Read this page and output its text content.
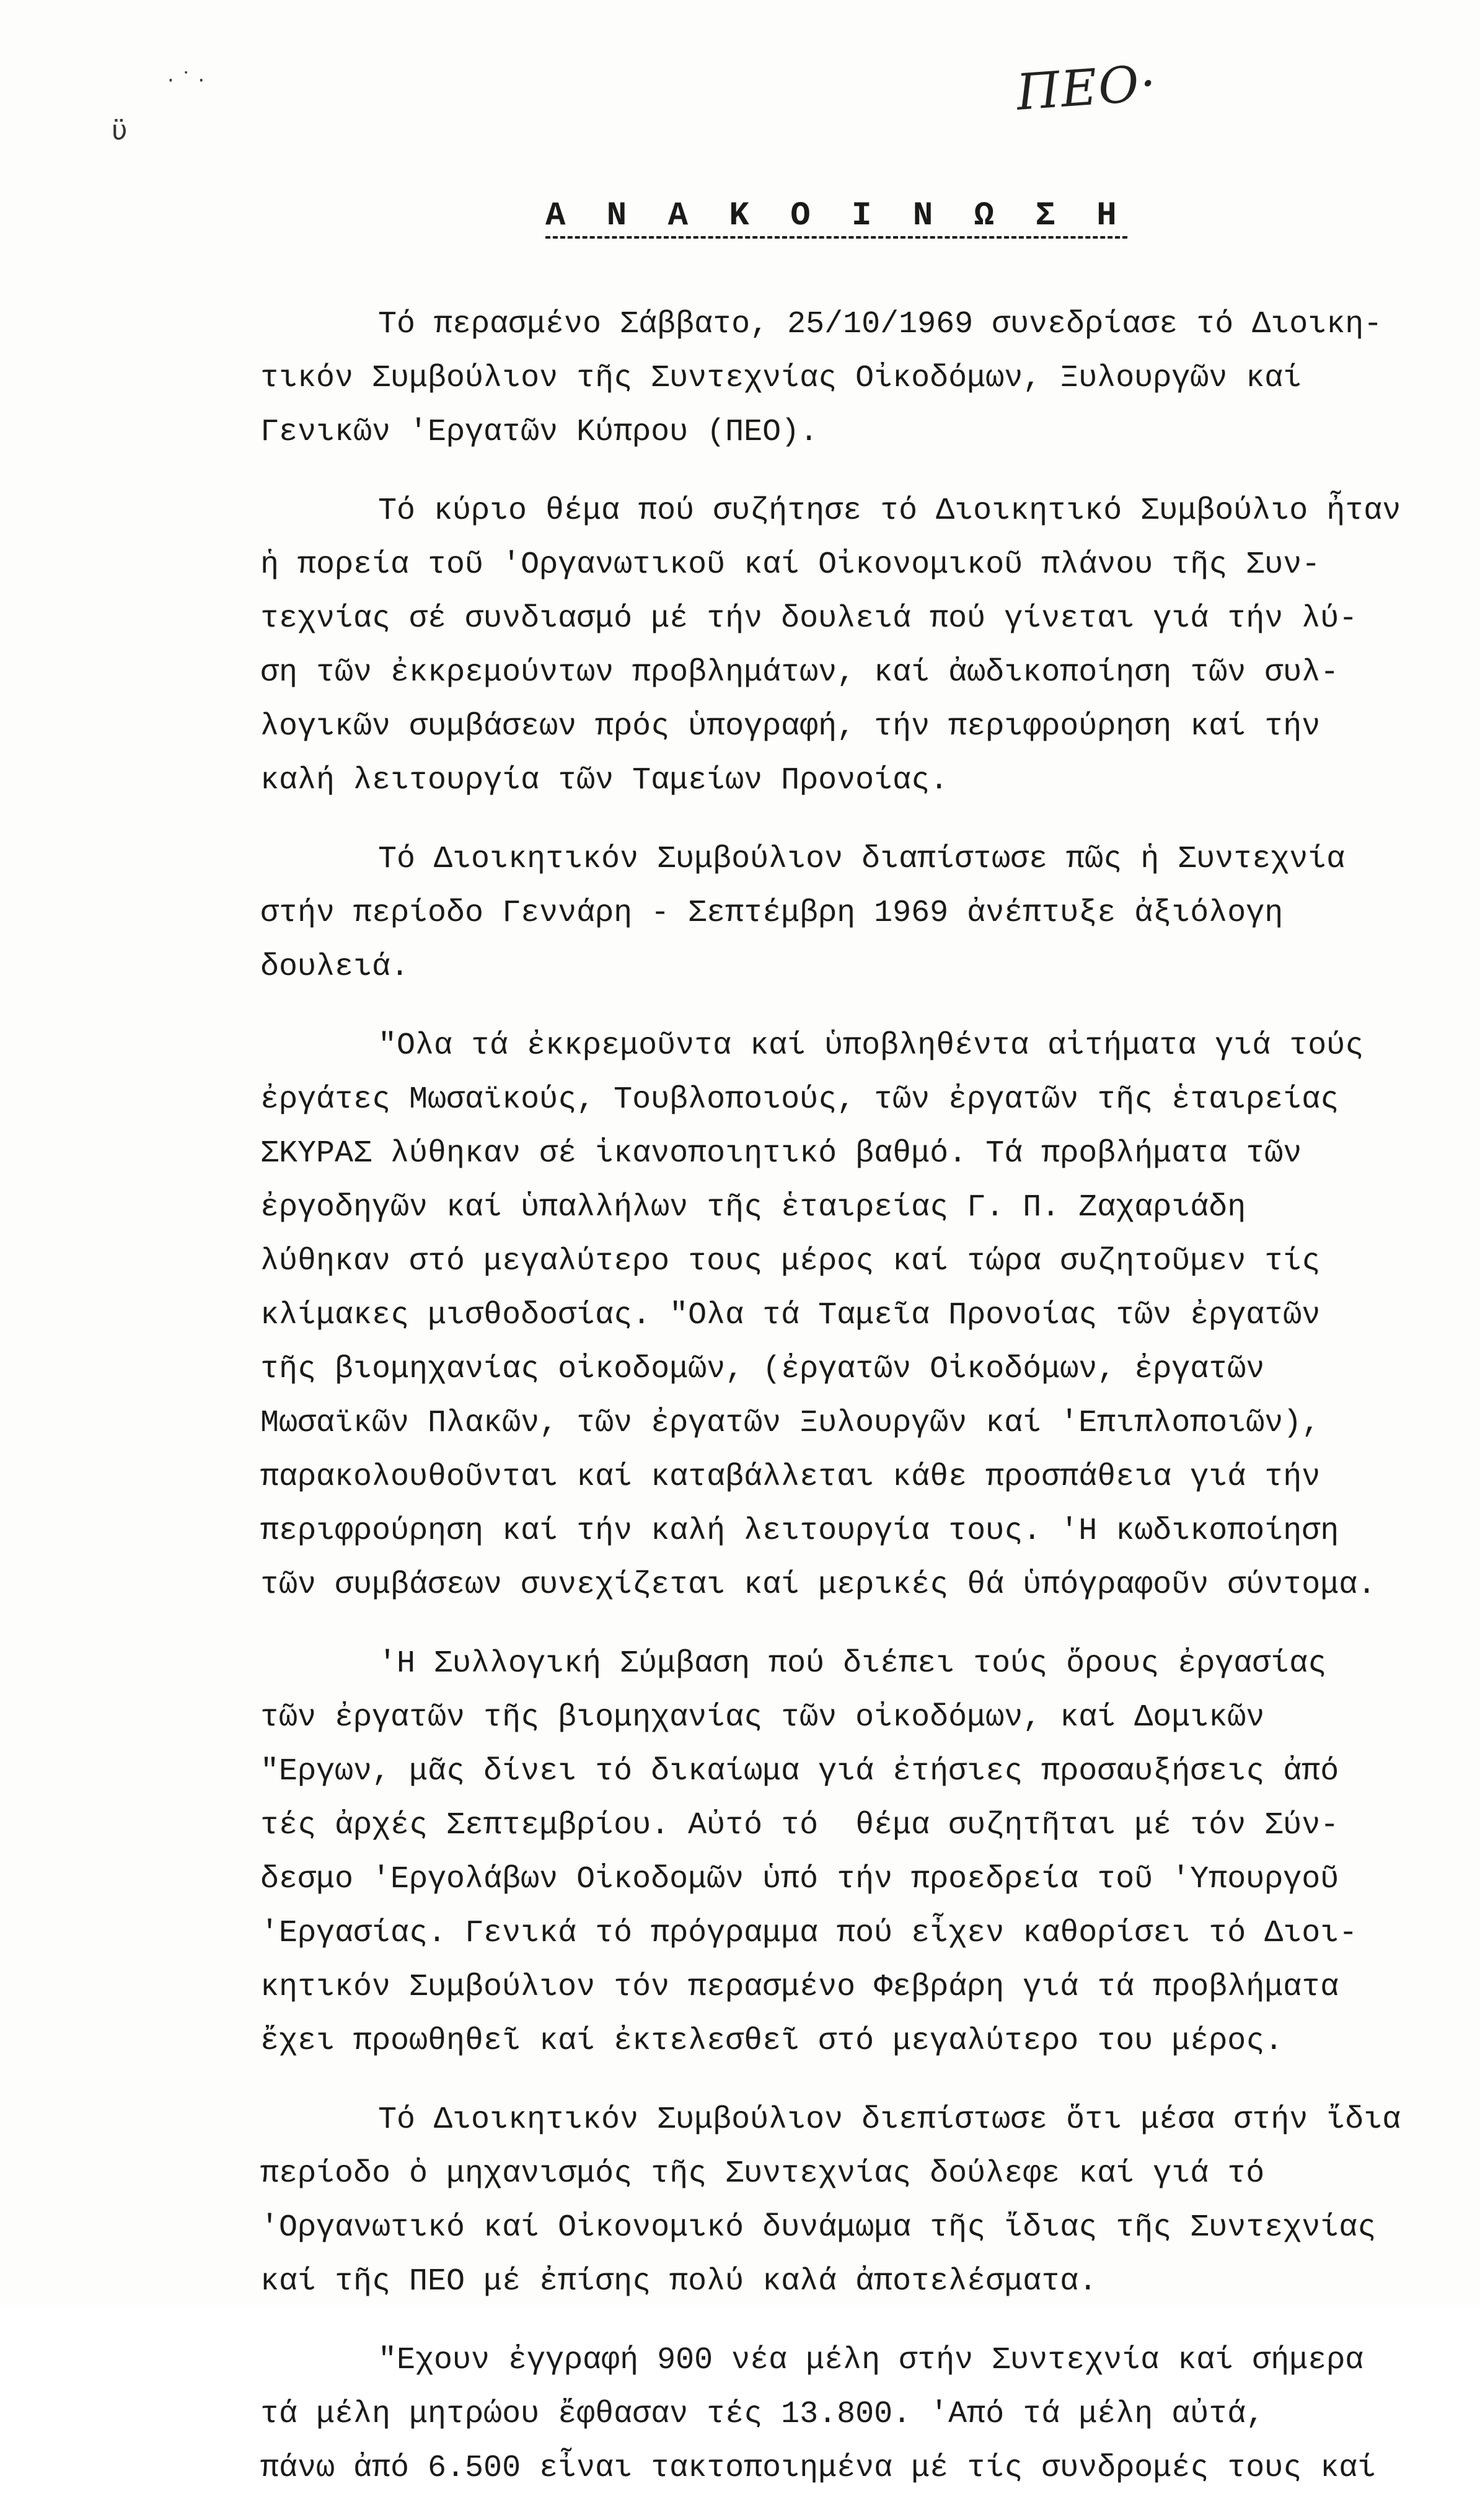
· ˙ ·
ϋ
ΠΕΟ·
Α Ν Α Κ Ο Ι Ν Ω Σ Η
Τό περασμένο Σάββατο, 25/10/1969 συνεδρίασε τό Διοικη-
τικόν Συμβούλιον τῆς Συντεχνίας Οἰκοδόμων, Ξυλουργῶν καί
Γενικῶν 'Εργατῶν Κύπρου (ΠΕΟ).
Τό κύριο θέμα πού συζήτησε τό Διοικητικό Συμβούλιο ἦταν
ἡ πορεία τοῦ 'Οργανωτικοῦ καί Οἰκονομικοῦ πλάνου τῆς Συν-
τεχνίας σέ συνδιασμό μέ τήν δουλειά πού γίνεται γιά τήν λύ-
ση τῶν ἐκκρεμούντων προβλημάτων, καί ἀωδικοποίηση τῶν συλ-
λογικῶν συμβάσεων πρός ὑπογραφή, τήν περιφρούρηση καί τήν
καλή λειτουργία τῶν Ταμείων Προνοίας.
Τό Διοικητικόν Συμβούλιον διαπίστωσε πῶς ἡ Συντεχνία
στήν περίοδο Γεννάρη - Σεπτέμβρη 1969 ἀνέπτυξε ἀξιόλογη
δουλειά.
"Ολα τά ἐκκρεμοῦντα καί ὑποβληθέντα αἰτήματα γιά τούς
ἐργάτες Μωσαϊκούς, Τουβλοποιούς, τῶν ἐργατῶν τῆς ἑταιρείας
ΣΚΥΡΑΣ λύθηκαν σέ ἱκανοποιητικό βαθμό. Τά προβλήματα τῶν
ἐργοδηγῶν καί ὑπαλλήλων τῆς ἑταιρείας Γ. Π. Ζαχαριάδη
λύθηκαν στό μεγαλύτερο τους μέρος καί τώρα συζητοῦμεν τίς
κλίμακες μισθοδοσίας. "Ολα τά Ταμεῖα Προνοίας τῶν ἐργατῶν
τῆς βιομηχανίας οἰκοδομῶν, (ἐργατῶν Οἰκοδόμων, ἐργατῶν
Μωσαϊκῶν Πλακῶν, τῶν ἐργατῶν Ξυλουργῶν καί 'Επιπλοποιῶν),
παρακολουθοῦνται καί καταβάλλεται κάθε προσπάθεια γιά τήν
περιφρούρηση καί τήν καλή λειτουργία τους. 'Η κωδικοποίηση
τῶν συμβάσεων συνεχίζεται καί μερικές θά ὑπόγραφοῦν σύντομα.
'Η Συλλογική Σύμβαση πού διέπει τούς ὅρους ἐργασίας
τῶν ἐργατῶν τῆς βιομηχανίας τῶν οἰκοδόμων, καί Δομικῶν
"Εργων, μᾶς δίνει τό δικαίωμα γιά ἐτήσιες προσαυξήσεις ἀπό
τές ἀρχές Σεπτεμβρίου. Αὐτό τό  θέμα συζητῆται μέ τόν Σύν-
δεσμο 'Εργολάβων Οἰκοδομῶν ὑπό τήν προεδρεία τοῦ 'Υπουργοῦ
'Εργασίας. Γενικά τό πρόγραμμα πού εἶχεν καθορίσει τό Διοι-
κητικόν Συμβούλιον τόν περασμένο Φεβράρη γιά τά προβλήματα
ἔχει προωθηθεῖ καί ἐκτελεσθεῖ στό μεγαλύτερο του μέρος.
Τό Διοικητικόν Συμβούλιον διεπίστωσε ὅτι μέσα στήν ἴδια
περίοδο ὁ μηχανισμός τῆς Συντεχνίας δούλεφε καί γιά τό
'Οργανωτικό καί Οἰκονομικό δυνάμωμα τῆς ἴδιας τῆς Συντεχνίας
καί τῆς ΠΕΟ μέ ἐπίσης πολύ καλά ἀποτελέσματα.
"Εχουν ἐγγραφή 900 νέα μέλη στήν Συντεχνία καί σήμερα
τά μέλη μητρώου ἔφθασαν τές 13.800. 'Από τά μέλη αὐτά,
πάνω ἀπό 6.500 εἶναι τακτοποιημένα μέ τίς συνδρομές τους καί
